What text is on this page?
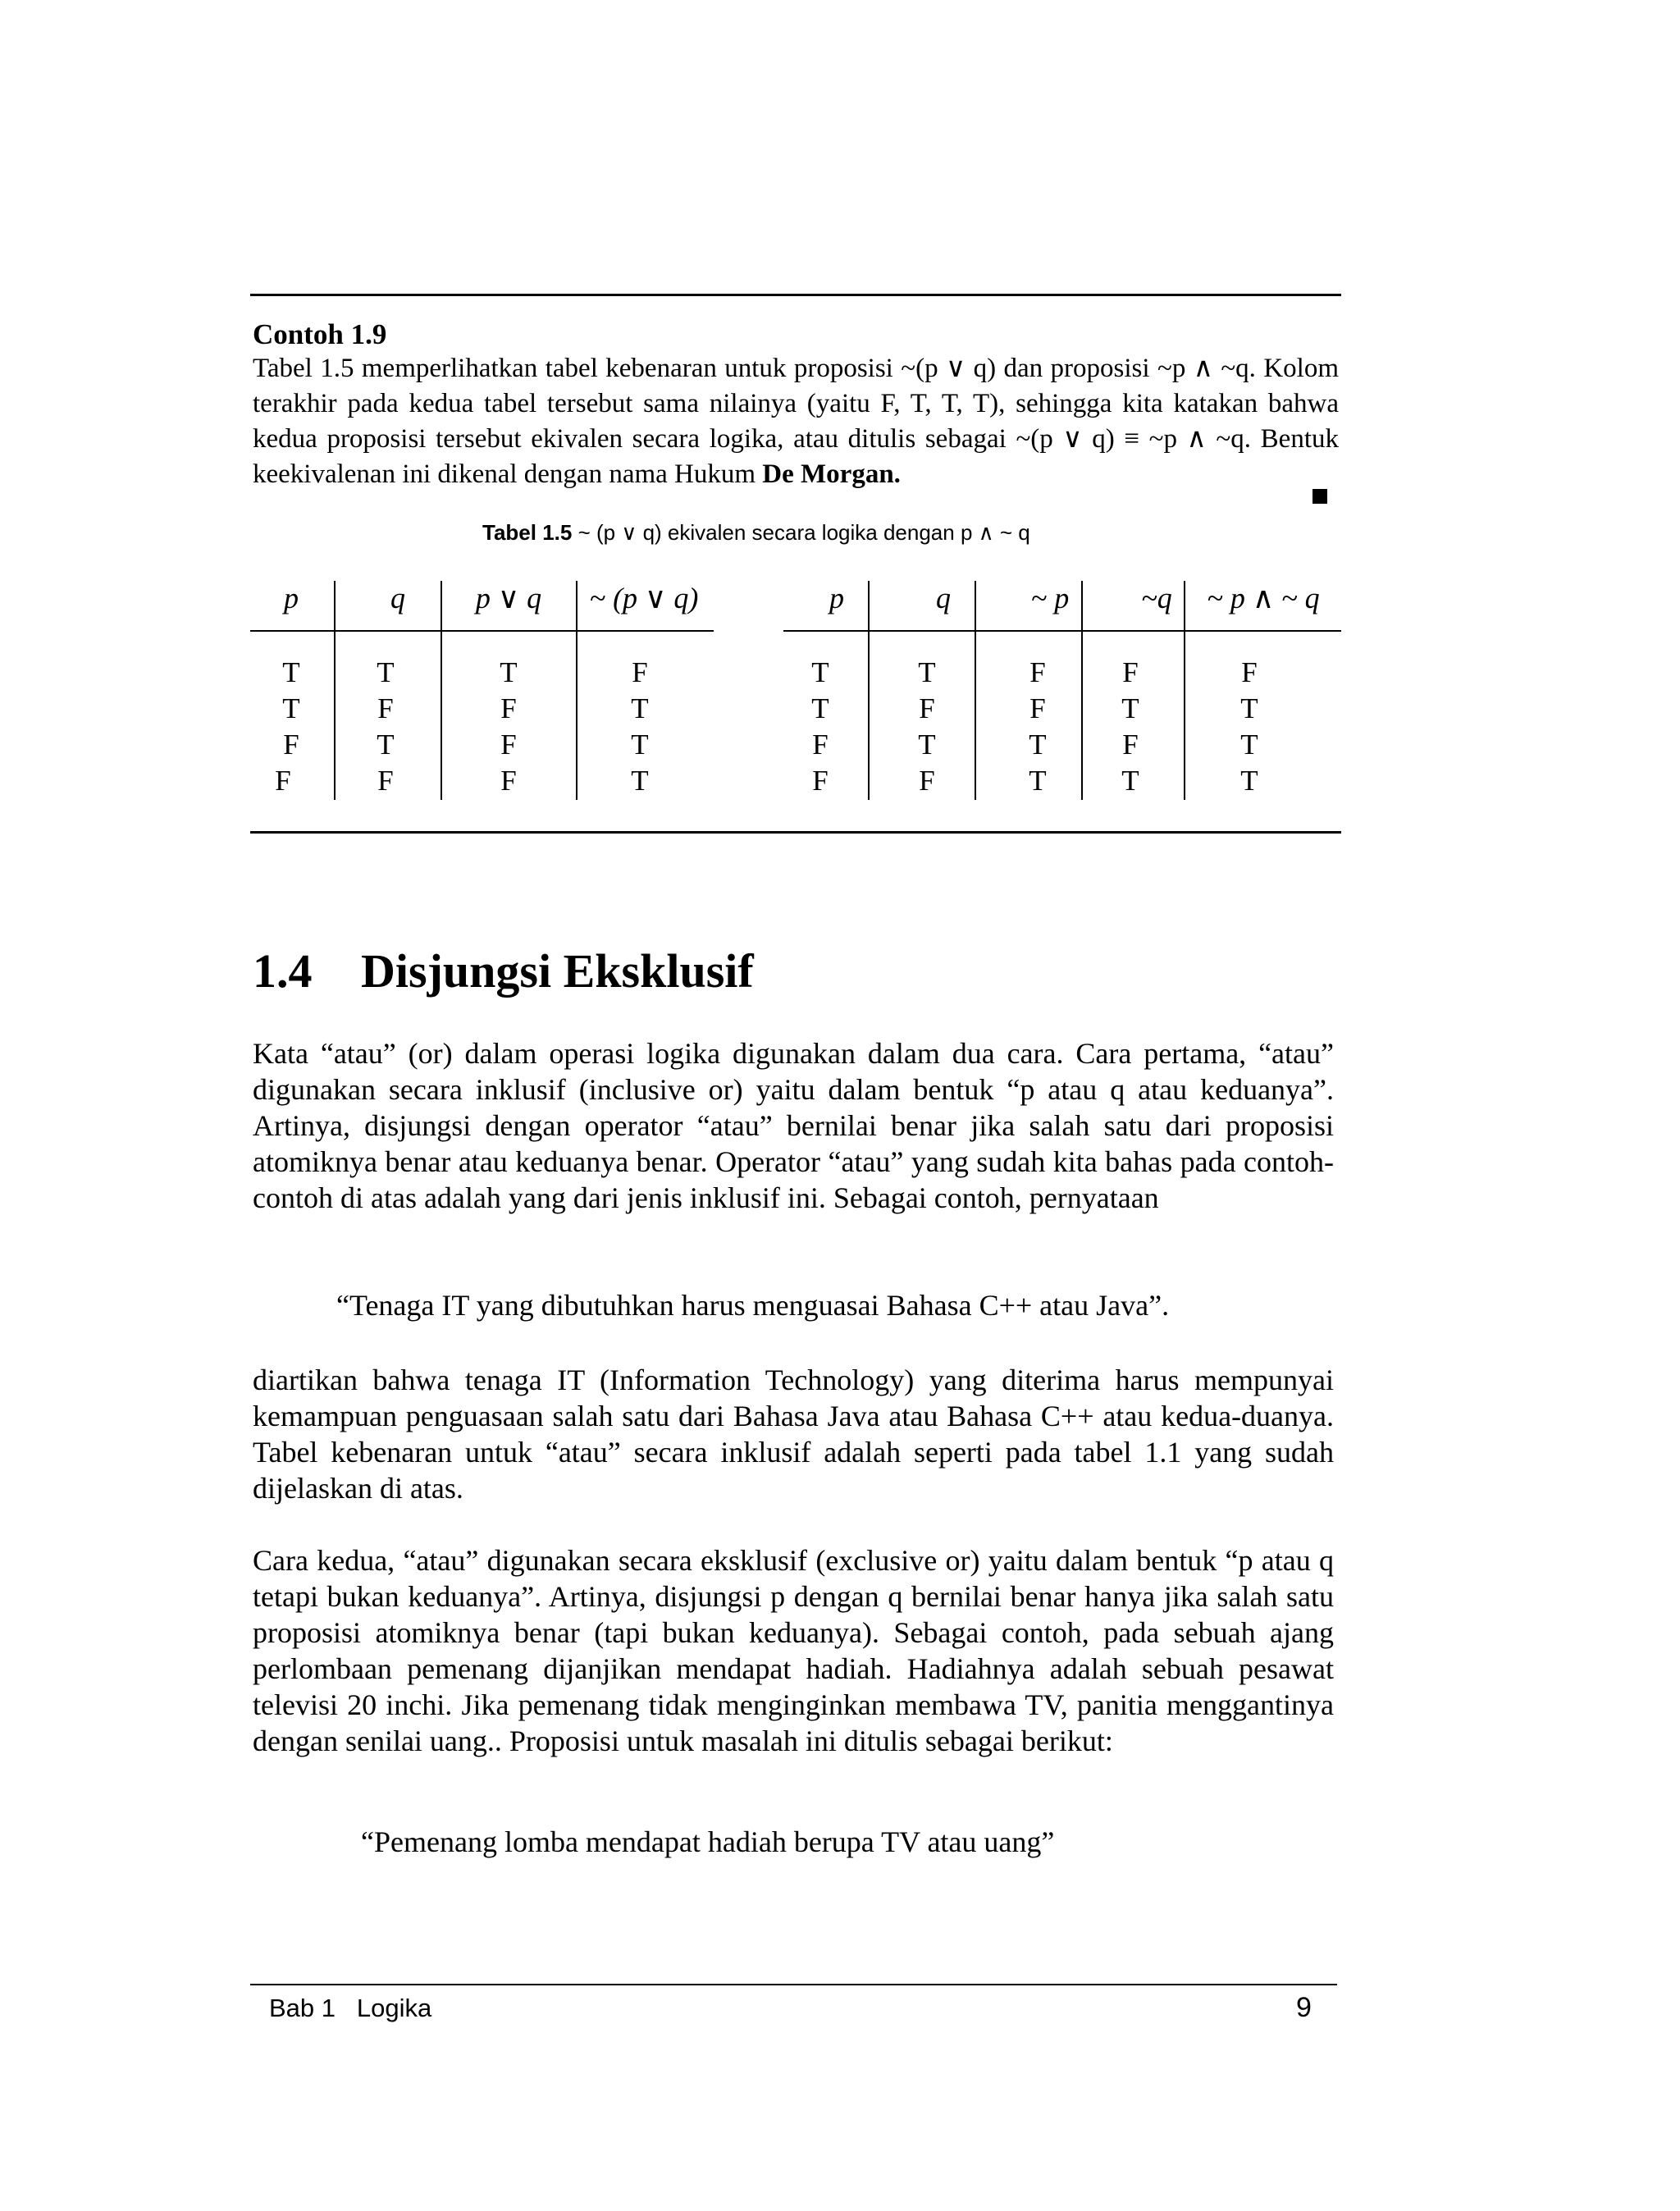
Contoh 1.9
Tabel 1.5 memperlihatkan tabel kebenaran untuk proposisi ~(p ∨ q) dan proposisi ~p ∧ ~q. Kolom terakhir pada kedua tabel tersebut sama nilainya (yaitu F, T, T, T), sehingga kita katakan bahwa kedua proposisi tersebut ekivalen secara logika, atau ditulis sebagai ~(p ∨ q) ≡ ~p ∧ ~q. Bentuk keekivalenan ini dikenal dengan nama Hukum De Morgan.
Tabel 1.5 ~ (p ∨ q) ekivalen secara logika dengan p ∧ ~ q
p	q	p ∨ q	~ (p ∨ q)
T	T	T	F
T	F	F	T
F	T	F	T
F	F	F	T
p	q	~ p	~q	~ p ∧ ~ q
T	T	F	F	F
T	F	F	T	T
F	T	T	F	T
F	F	T	T	T
1.4 Disjungsi Eksklusif

Kata “atau” (or) dalam operasi logika digunakan dalam dua cara. Cara pertama, “atau” digunakan secara inklusif (inclusive or) yaitu dalam bentuk “p atau q atau keduanya”. Artinya, disjungsi dengan operator “atau” bernilai benar jika salah satu dari proposisi atomiknya benar atau keduanya benar. Operator “atau” yang sudah kita bahas pada contoh-contoh di atas adalah yang dari jenis inklusif ini. Sebagai contoh, pernyataan

“Tenaga IT yang dibutuhkan harus menguasai Bahasa C++ atau Java”.

diartikan bahwa tenaga IT (Information Technology) yang diterima harus mempunyai kemampuan penguasaan salah satu dari Bahasa Java atau Bahasa C++ atau kedua-duanya. Tabel kebenaran untuk “atau” secara inklusif adalah seperti pada tabel 1.1 yang sudah dijelaskan di atas.

Cara kedua, “atau” digunakan secara eksklusif (exclusive or) yaitu dalam bentuk “p atau q tetapi bukan keduanya”. Artinya, disjungsi p dengan q bernilai benar hanya jika salah satu proposisi atomiknya benar (tapi bukan keduanya). Sebagai contoh, pada sebuah ajang perlombaan pemenang dijanjikan mendapat hadiah. Hadiahnya adalah sebuah pesawat televisi 20 inchi. Jika pemenang tidak menginginkan membawa TV, panitia menggantinya dengan senilai uang.. Proposisi untuk masalah ini ditulis sebagai berikut:

“Pemenang lomba mendapat hadiah berupa TV atau uang”
Bab 1   Logika	9
